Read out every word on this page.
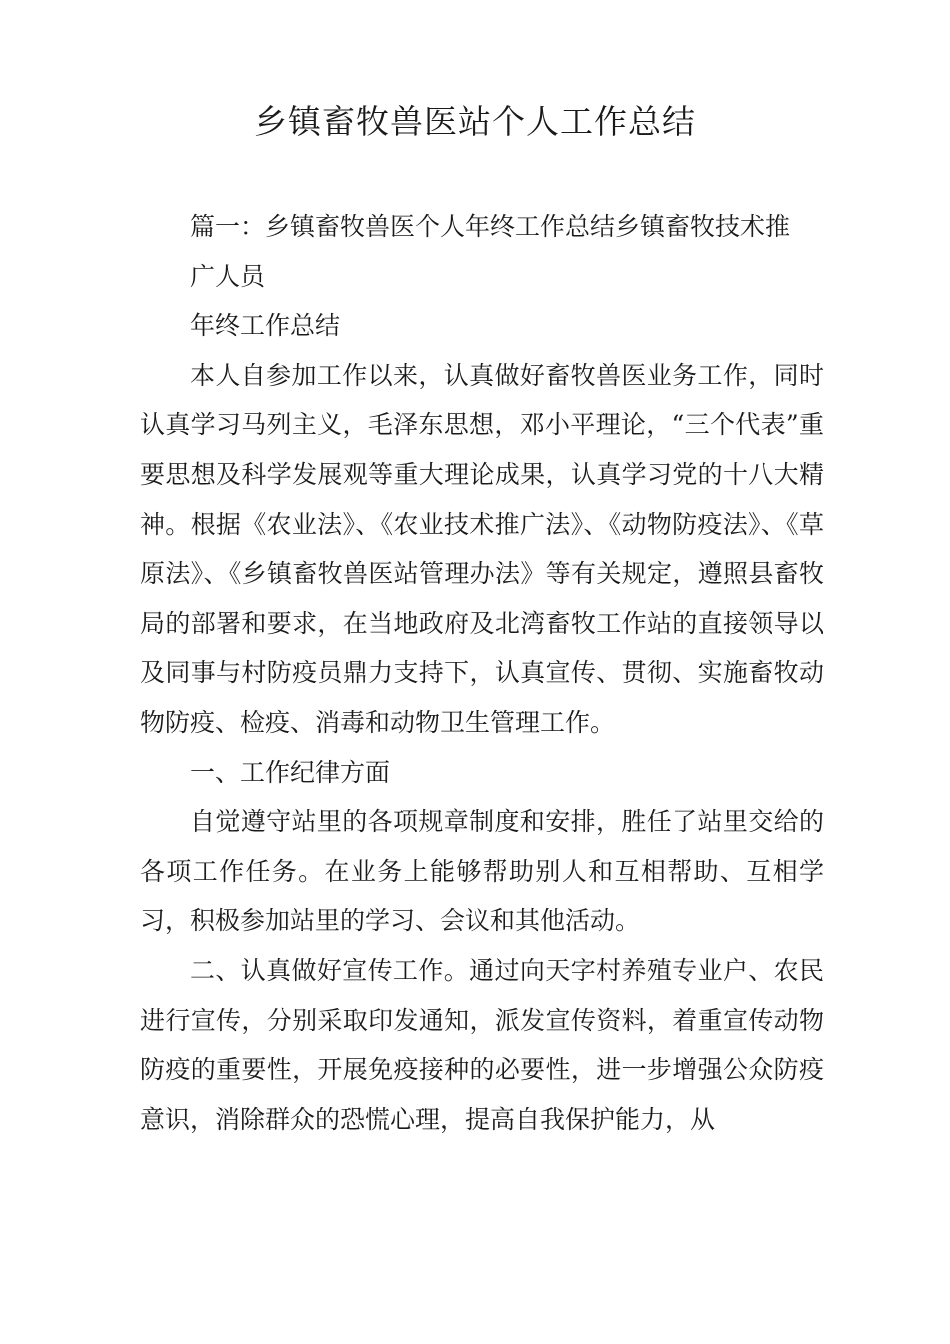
乡镇畜牧兽医站个人工作总结

篇一：乡镇畜牧兽医个人年终工作总结乡镇畜牧技术推

广人员

年终工作总结

本人自参加工作以来，认真做好畜牧兽医业务工作，同时认真学习马列主义，毛泽东思想，邓小平理论，“三个代表”重要思想及科学发展观等重大理论成果，认真学习党的十八大精神。根据《农业法》、《农业技术推广法》、《动物防疫法》、《草原法》、《乡镇畜牧兽医站管理办法》等有关规定，遵照县畜牧局的部署和要求，在当地政府及北湾畜牧工作站的直接领导以及同事与村防疫员鼎力支持下，认真宣传、贯彻、实施畜牧动物防疫、检疫、消毒和动物卫生管理工作。

一、工作纪律方面

自觉遵守站里的各项规章制度和安排，胜任了站里交给的各项工作任务。在业务上能够帮助别人和互相帮助、互相学习，积极参加站里的学习、会议和其他活动。

二、认真做好宣传工作。通过向天字村养殖专业户、农民进行宣传，分别采取印发通知，派发宣传资料，着重宣传动物防疫的重要性，开展免疫接种的必要性，进一步增强公众防疫意识，消除群众的恐慌心理，提高自我保护能力，从
